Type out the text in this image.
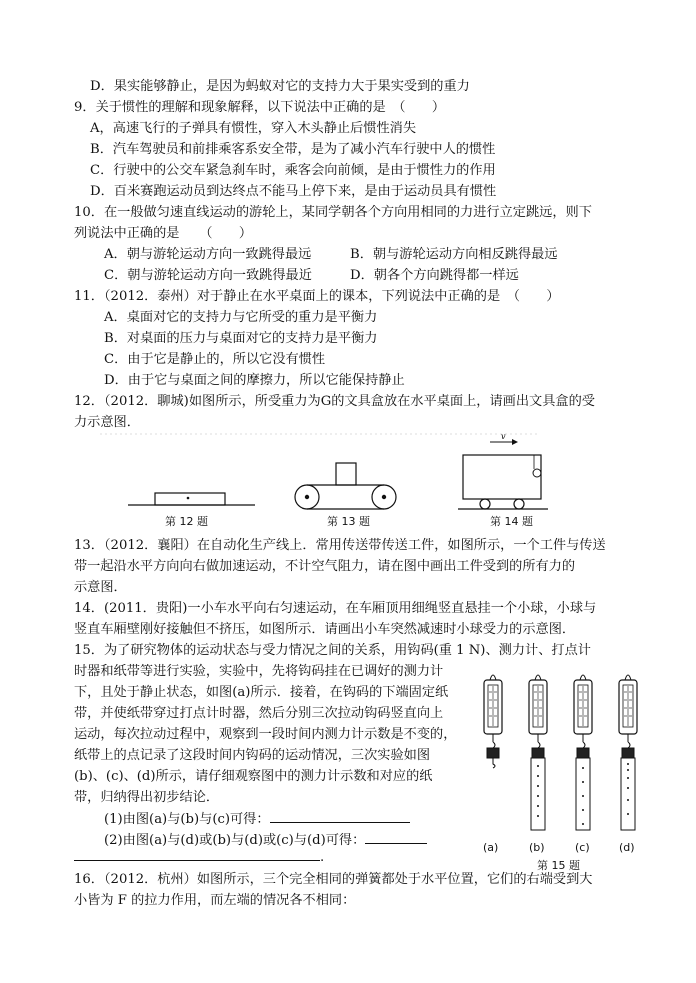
D．果实能够静止，是因为蚂蚁对它的支持力大于果实受到的重力
9．关于惯性的理解和现象解释，以下说法中正确的是　（　　）
A，高速飞行的子弹具有惯性，穿入木头静止后惯性消失
B．汽车驾驶员和前排乘客系安全带，是为了减小汽车行驶中人的惯性
C．行驶中的公交车紧急刹车时，乘客会向前倾，是由于惯性力的作用
D．百米赛跑运动员到达终点不能马上停下来，是由于运动员具有惯性
10．在一般做匀速直线运动的游轮上，某同学朝各个方向用相同的力进行立定跳远，则下
列说法中正确的是　　（　　）
A．朝与游轮运动方向一致跳得最远	B．朝与游轮运动方向相反跳得最远
C．朝与游轮运动方向一致跳得最近	D．朝各个方向跳得都一样远
11．（2012．泰州）对于静止在水平桌面上的课本，下列说法中正确的是　（　　）
A．桌面对它的支持力与它所受的重力是平衡力
B．对桌面的压力与桌面对它的支持力是平衡力
C．由于它是静止的，所以它没有惯性
D．由于它与桌面之间的摩擦力，所以它能保持静止
12．（2012．聊城)如图所示，所受重力为G的文具盒放在水平桌面上，请画出文具盒的受
力示意图．
v
第 12 题	第 13 题	第 14 题
13．（2012．襄阳）在自动化生产线上．常用传送带传送工件，如图所示，一个工件与传送
带一起沿水平方向向右做加速运动，不计空气阻力，请在图中画出工件受到的所有力的
示意图．
14．(2011．贵阳)一小车水平向右匀速运动，在车厢顶用细绳竖直悬挂一个小球，小球与
竖直车厢壁刚好接触但不挤压，如图所示．请画出小车突然减速时小球受力的示意图．
15．为了研究物体的运动状态与受力情况之间的关系，用钩码(重 1 N)、测力计、打点计
时器和纸带等进行实验，实验中，先将钩码挂在已调好的测力计
下，且处于静止状态，如图(a)所示．接着，在钩码的下端固定纸
带，并使纸带穿过打点计时器，然后分别三次拉动钩码竖直向上
运动，每次拉动过程中，观察到一段时间内测力计示数是不变的，
纸带上的点记录了这段时间内钩码的运动情况，三次实验如图
(b)、(c)、(d)所示，请仔细观察图中的测力计示数和对应的纸
带，归纳得出初步结论．
(1)由图(a)与(b)与(c)可得：
(2)由图(a)与(d)或(b)与(d)或(c)与(d)可得：
.
(a)	(b)	(c)	(d)
第 15 题
16．（2012．杭州）如图所示，三个完全相同的弹簧都处于水平位置，它们的右端受到大
小皆为 F 的拉力作用，而左端的情况各不相同：
